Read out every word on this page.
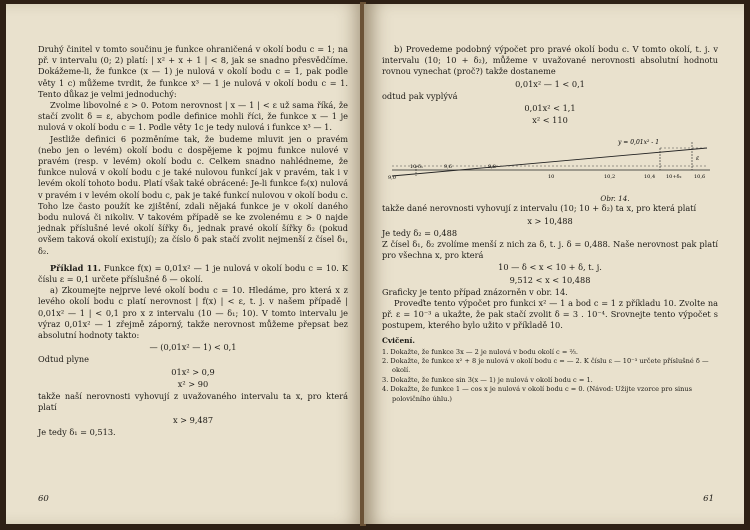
Druhý činitel v tomto součinu je funkce ohraničená v okolí bodu c = 1; na př. v intervalu (0; 2) platí: | x² + x + 1 | < 8, jak se snadno přesvědčíme. Dokážeme-li, že funkce (x — 1) je nulová v okolí bodu c = 1, pak podle věty 1 c) můžeme tvrdit, že funkce x³ — 1 je nulová v okolí bodu c = 1. Tento důkaz je velmi jednoduchý:

Zvolme libovolné ε > 0. Potom nerovnost | x — 1 | < ε už sama říká, že stačí zvolit δ = ε, abychom podle definice mohli říci, že funkce x — 1 je nulová v okolí bodu c = 1. Podle věty 1c je tedy nulová i funkce x³ — 1.

Jestliže definici 6 pozměníme tak, že budeme mluvit jen o pravém (nebo jen o levém) okolí bodu c dospějeme k pojmu funkce nulové v pravém (resp. v levém) okolí bodu c. Celkem snadno nahlédneme, že funkce nulová v okolí bodu c je také nulovou funkcí jak v pravém, tak i v levém okolí tohoto bodu. Platí však také obrácené: Je-li funkce f₀(x) nulová v pravém i v levém okolí bodu c, pak je také funkcí nulovou v okolí bodu c. Toho lze často použít ke zjištění, zdali nějaká funkce je v okolí daného bodu nulová či nikoliv. V takovém případě se ke zvolenému ε > 0 najde jednak příslušné levé okolí šířky δ₁, jednak pravé okolí šířky δ₂ (pokud ovšem taková okolí existují); za číslo δ pak stačí zvolit nejmenší z čísel δ₁, δ₂.

Příklad 11. Funkce f(x) = 0,01x² — 1 je nulová v okolí bodu c = 10. K číslu ε = 0,1 určete příslušné δ — okolí.

a) Zkoumejte nejprve levé okolí bodu c = 10. Hledáme, pro která x z levého okolí bodu c platí nerovnost | f(x) | < ε, t. j. v našem případě | 0,01x² — 1 | < 0,1 pro x z intervalu (10 — δ₁; 10). V tomto intervalu je výraz 0,01x² — 1 zřejmě záporný, takže nerovnost můžeme přepsat bez absolutní hodnoty takto:

— (0,01x² — 1) < 0,1

Odtud plyne

01x² > 0,9
x² > 90

takže naší nerovnosti vyhovují z uvažovaného intervalu ta x, pro která platí

x > 9,487

Je tedy δ₁ = 0,513.

60

b) Provedeme podobný výpočet pro pravé okolí bodu c. V tomto okolí, t. j. v intervalu (10; 10 + δ₂), můžeme v uvažované nerovnosti absolutní hodnotu rovnou vynechat (proč?) takže dostaneme

0,01x² — 1 < 0,1

odtud pak vyplývá

0,01x² < 1,1
x² < 110
y = 0,01x² - 1
ε
9,0
10-δ₁	9,6	9,8
10	10,2	10,4 10+δ₂ 10,6
Obr. 14.

takže dané nerovnosti vyhovují z intervalu (10; 10 + δ₂) ta x, pro která platí

x > 10,488

Je tedy δ₂ = 0,488

Z čísel δ₁, δ₂ zvolíme menší z nich za δ, t. j. δ = 0,488. Naše nerovnost pak platí pro všechna x, pro která

10 — δ < x < 10 + δ, t. j.
9,512 < x < 10,488

Graficky je tento případ znázorněn v obr. 14.

Proveďte tento výpočet pro funkci x² — 1 a bod c = 1 z příkladu 10. Zvolte na př. ε = 10⁻³ a ukažte, že pak stačí zvolit δ = 3 . 10⁻⁴. Srovnejte tento výpočet s postupem, kterého bylo užito v příkladě 10.

Cvičení.
1. Dokažte, že funkce 3x — 2 je nulová v bodu okolí c = ⅔.
2. Dokažte, že funkce x² + 8 je nulová v okolí bodu c = — 2. K číslu ε — 10⁻³ určete příslušné δ — okolí.
3. Dokažte, že funkce sin 3(x — 1) je nulová v okolí bodu c = 1.
4. Dokažte, že funkce 1 — cos x je nulová v okolí bodu c = 0. (Návod: Užijte vzorce pro sinus polovičního úhlu.)
61
